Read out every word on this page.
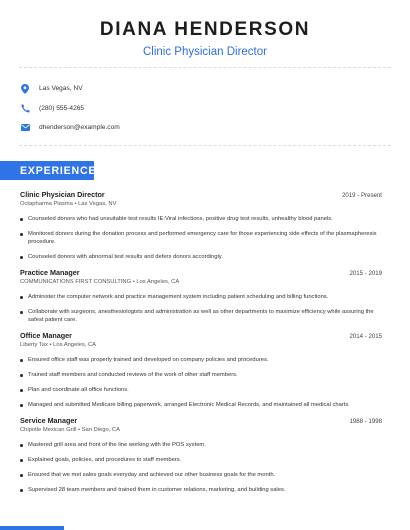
DIANA HENDERSON
Clinic Physician Director
Las Vegas, NV
(280) 555-4265
dhenderson@example.com
EXPERIENCE
Clinic Physician Director	2019 - Present
Octapharma Plasma • Las Vegas, NV
Counseled donors who had unsuitable test results IE:Viral infections, positive drug test results, unhealthy blood panels.
Monitored donors during the donation process and performed emergency care for those experiencing side effects of the plasmapheresis procedure.
Counseled donors with abnormal test results and defers donors accordingly.
Practice Manager	2015 - 2019
COMMUNICATIONS FIRST CONSULTING • Los Angeles, CA
Administer the computer network and practice management system including patient scheduling and billing functions.
Collaborate with surgeons, anesthesiologists and administration as well as other departments to maximize efficiency while assuring the safest patient care.
Office Manager	2014 - 2015
Liberty Tax • Los Angeles, CA
Ensured office staff was properly trained and developed on company policies and procedures.
Trained staff members and conducted reviews of the work of other staff members.
Plan and coordinate all office functions.
Managed and submitted Medicare billing paperwork, arranged Electronic Medical Records, and maintained all medical charts.
Service Manager	1988 - 1998
Chipotle Mexican Grill • San Diego, CA
Mastered grill area and front of the line working with the POS system.
Explained goals, policies, and procedures to staff members.
Ensured that we met sales goals everyday and achieved our other business goals for the month.
Supervised 28 team members and trained them in customer relations, marketing, and building sales.
